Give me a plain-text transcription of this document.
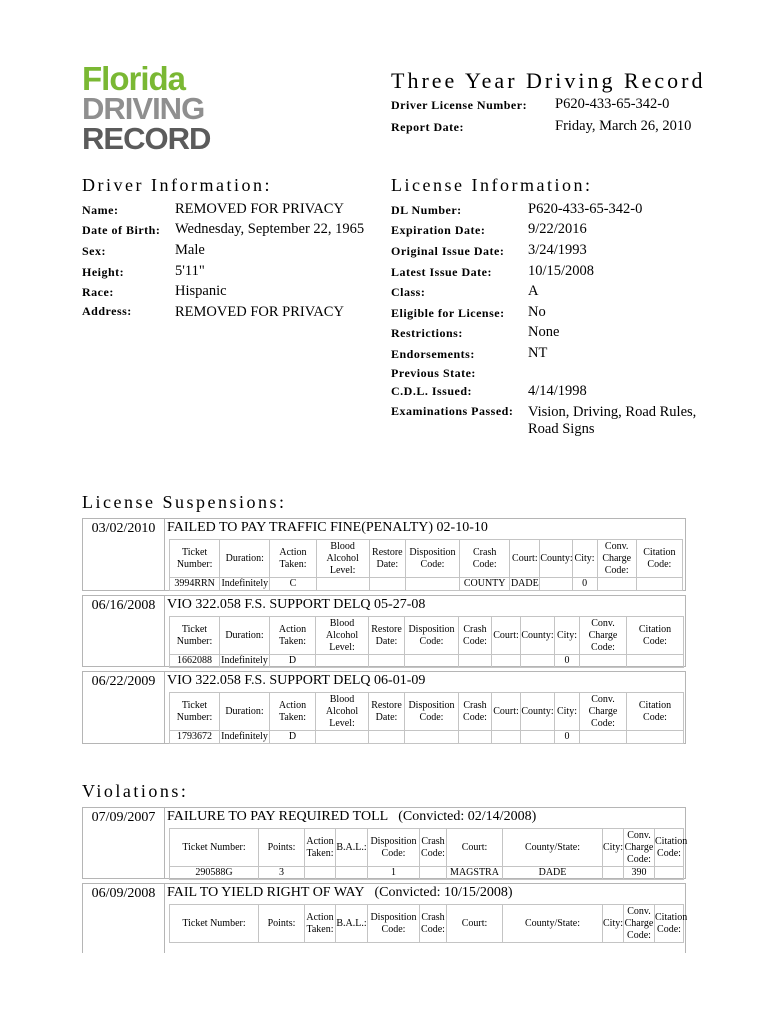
Florida
DRIVING
RECORD
Three Year Driving Record
Driver License Number: P620-433-65-342-0
Report Date:	Friday, March 26, 2010
Driver Information:
Name:	REMOVED FOR PRIVACY
Date of Birth: Wednesday, September 22, 1965
Sex:	Male
Height:	5'11"
Race:	Hispanic
Address:	REMOVED FOR PRIVACY
License Information:
DL Number:	P620-433-65-342-0
Expiration Date:	9/22/2016
Original Issue Date: 3/24/1993
Latest Issue Date: 10/15/2008
Class:	A
Eligible for License: No
Restrictions:	None
Endorsements:	NT
Previous State:
C.D.L. Issued:	4/14/1998
Examinations Passed: Vision, Driving, Road Rules,
Road Signs
License Suspensions:
03/02/2010 FAILED TO PAY TRAFFIC FINE(PENALTY) 02-10-10
Ticket Number:	Duration:	Action Taken:	Blood Alcohol Level:	Restore Date:	Disposition Code:	Crash Code:	Court:	County:	City:	Conv. Charge Code:	Citation Code:
3994RRN	Indefinitely	C				COUNTY	DADE		0		
06/16/2008 VIO 322.058 F.S. SUPPORT DELQ 05-27-08
Ticket Number:	Duration:	Action Taken:	Blood Alcohol Level:	Restore Date:	Disposition Code:	Crash Code:	Court:	County:	City:	Conv. Charge Code:	Citation Code:
1662088	Indefinitely	D							0		
06/22/2009 VIO 322.058 F.S. SUPPORT DELQ 06-01-09
Ticket Number:	Duration:	Action Taken:	Blood Alcohol Level:	Restore Date:	Disposition Code:	Crash Code:	Court:	County:	City:	Conv. Charge Code:	Citation Code:
1793672	Indefinitely	D							0		
Violations:
07/09/2007 FAILURE TO PAY REQUIRED TOLL (Convicted: 02/14/2008)
Ticket Number:	Points:	Action Taken:	B.A.L.:	Disposition Code:	Crash Code:	Court:	County/State:	City:	Conv. Charge Code:	Citation Code:
290588G	3			1		MAGSTRA	DADE		390	
06/09/2008 FAIL TO YIELD RIGHT OF WAY (Convicted: 10/15/2008)
Ticket Number:	Points:	Action Taken:	B.A.L.:	Disposition Code:	Crash Code:	Court:	County/State:	City:	Conv. Charge Code:	Citation Code:
